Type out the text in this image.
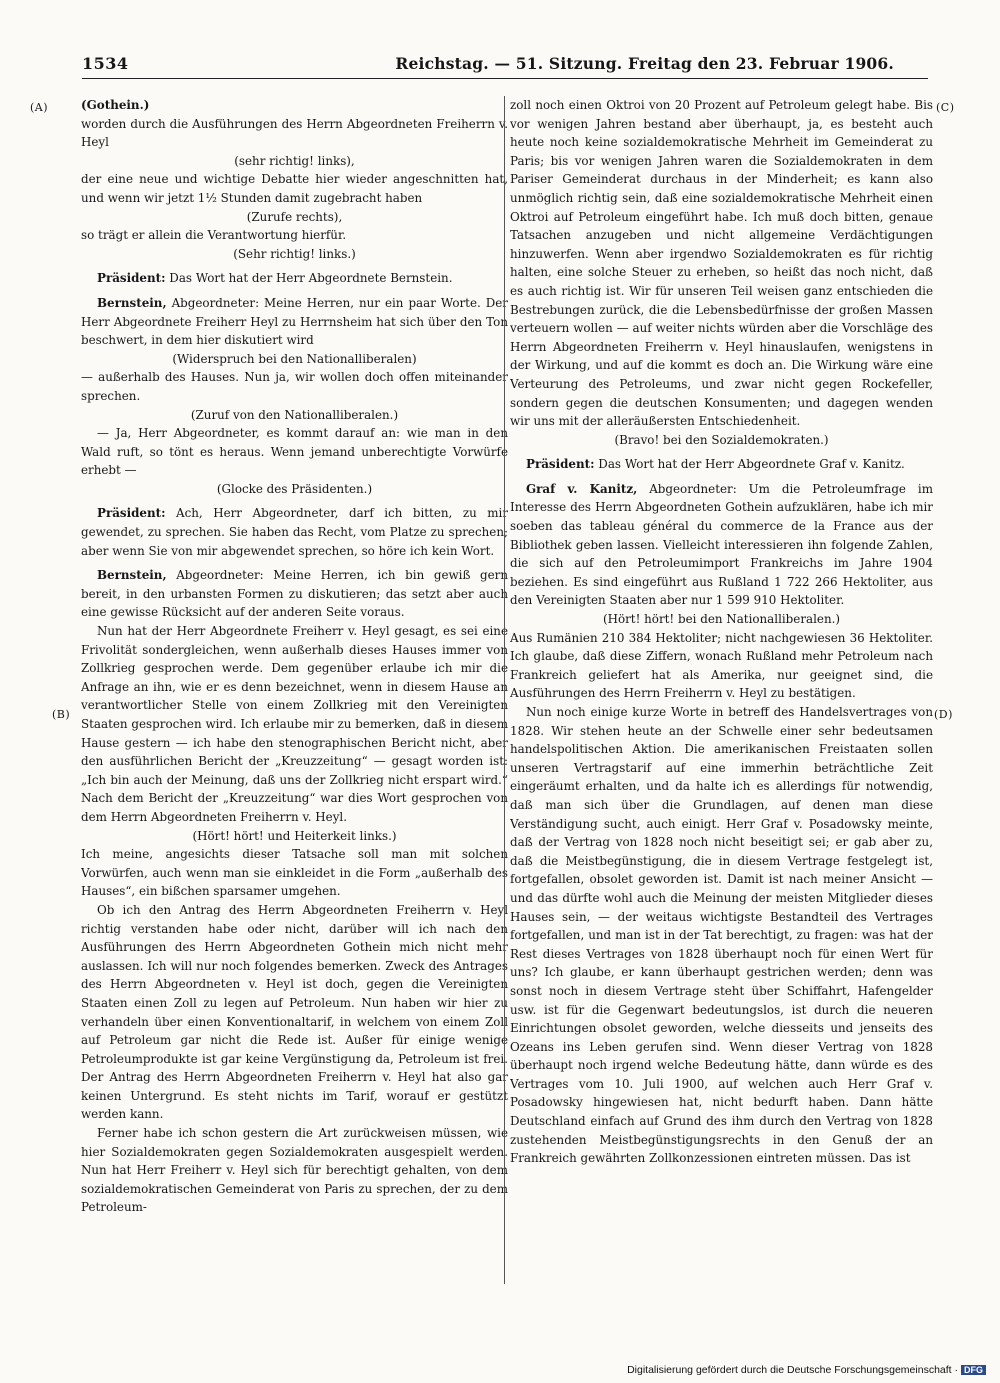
1534	Reichstag. — 51. Sitzung. Freitag den 23. Februar 1906.
(A)
(B)
(C)
(D)

(Gothein.)

worden durch die Ausführungen des Herrn Abgeordneten Freiherrn v. Heyl

(sehr richtig! links),

der eine neue und wichtige Debatte hier wieder angeschnitten hat, und wenn wir jetzt 1½ Stunden damit zugebracht haben

(Zurufe rechts),

so trägt er allein die Verantwortung hierfür.

(Sehr richtig! links.)

Präsident: Das Wort hat der Herr Abgeordnete Bernstein.

Bernstein, Abgeordneter: Meine Herren, nur ein paar Worte. Der Herr Abgeordnete Freiherr Heyl zu Herrnsheim hat sich über den Ton beschwert, in dem hier diskutiert wird

(Widerspruch bei den Nationalliberalen)

— außerhalb des Hauses. Nun ja, wir wollen doch offen miteinander sprechen.

(Zuruf von den Nationalliberalen.)

— Ja, Herr Abgeordneter, es kommt darauf an: wie man in den Wald ruft, so tönt es heraus. Wenn jemand unberechtigte Vorwürfe erhebt —

(Glocke des Präsidenten.)

Präsident: Ach, Herr Abgeordneter, darf ich bitten, zu mir gewendet, zu sprechen. Sie haben das Recht, vom Platze zu sprechen; aber wenn Sie von mir abgewendet sprechen, so höre ich kein Wort.

Bernstein, Abgeordneter: Meine Herren, ich bin gewiß gern bereit, in den urbansten Formen zu diskutieren; das setzt aber auch eine gewisse Rücksicht auf der anderen Seite voraus.

Nun hat der Herr Abgeordnete Freiherr v. Heyl gesagt, es sei eine Frivolität sondergleichen, wenn außerhalb dieses Hauses immer von Zollkrieg gesprochen werde. Dem gegenüber erlaube ich mir die Anfrage an ihn, wie er es denn bezeichnet, wenn in diesem Hause an verantwortlicher Stelle von einem Zollkrieg mit den Vereinigten Staaten gesprochen wird. Ich erlaube mir zu bemerken, daß in diesem Hause gestern — ich habe den stenographischen Bericht nicht, aber den ausführlichen Bericht der „Kreuzzeitung“ — gesagt worden ist: „Ich bin auch der Meinung, daß uns der Zollkrieg nicht erspart wird.“ Nach dem Bericht der „Kreuzzeitung“ war dies Wort gesprochen von dem Herrn Abgeordneten Freiherrn v. Heyl.

(Hört! hört! und Heiterkeit links.)

Ich meine, angesichts dieser Tatsache soll man mit solchen Vorwürfen, auch wenn man sie einkleidet in die Form „außerhalb des Hauses“, ein bißchen sparsamer umgehen.

Ob ich den Antrag des Herrn Abgeordneten Freiherrn v. Heyl richtig verstanden habe oder nicht, darüber will ich nach den Ausführungen des Herrn Abgeordneten Gothein mich nicht mehr auslassen. Ich will nur noch folgendes bemerken. Zweck des Antrages des Herrn Abgeordneten v. Heyl ist doch, gegen die Vereinigten Staaten einen Zoll zu legen auf Petroleum. Nun haben wir hier zu verhandeln über einen Konventionaltarif, in welchem von einem Zoll auf Petroleum gar nicht die Rede ist. Außer für einige wenige Petroleumprodukte ist gar keine Vergünstigung da, Petroleum ist frei. Der Antrag des Herrn Abgeordneten Freiherrn v. Heyl hat also gar keinen Untergrund. Es steht nichts im Tarif, worauf er gestützt werden kann.

Ferner habe ich schon gestern die Art zurückweisen müssen, wie hier Sozialdemokraten gegen Sozialdemokraten ausgespielt werden. Nun hat Herr Freiherr v. Heyl sich für berechtigt gehalten, von dem sozialdemokratischen Gemeinderat von Paris zu sprechen, der zu dem Petroleum-

zoll noch einen Oktroi von 20 Prozent auf Petroleum gelegt habe. Bis vor wenigen Jahren bestand aber überhaupt, ja, es besteht auch heute noch keine sozialdemokratische Mehrheit im Gemeinderat zu Paris; bis vor wenigen Jahren waren die Sozialdemokraten in dem Pariser Gemeinderat durchaus in der Minderheit; es kann also unmöglich richtig sein, daß eine sozialdemokratische Mehrheit einen Oktroi auf Petroleum eingeführt habe. Ich muß doch bitten, genaue Tatsachen anzugeben und nicht allgemeine Verdächtigungen hinzuwerfen. Wenn aber irgendwo Sozialdemokraten es für richtig halten, eine solche Steuer zu erheben, so heißt das noch nicht, daß es auch richtig ist. Wir für unseren Teil weisen ganz entschieden die Bestrebungen zurück, die die Lebensbedürfnisse der großen Massen verteuern wollen — auf weiter nichts würden aber die Vorschläge des Herrn Abgeordneten Freiherrn v. Heyl hinauslaufen, wenigstens in der Wirkung, und auf die kommt es doch an. Die Wirkung wäre eine Verteurung des Petroleums, und zwar nicht gegen Rockefeller, sondern gegen die deutschen Konsumenten; und dagegen wenden wir uns mit der alleräußersten Entschiedenheit.

(Bravo! bei den Sozialdemokraten.)

Präsident: Das Wort hat der Herr Abgeordnete Graf v. Kanitz.

Graf v. Kanitz, Abgeordneter: Um die Petroleumfrage im Interesse des Herrn Abgeordneten Gothein aufzuklären, habe ich mir soeben das tableau général du commerce de la France aus der Bibliothek geben lassen. Vielleicht interessieren ihn folgende Zahlen, die sich auf den Petroleumimport Frankreichs im Jahre 1904 beziehen. Es sind eingeführt aus Rußland 1 722 266 Hektoliter, aus den Vereinigten Staaten aber nur 1 599 910 Hektoliter.

(Hört! hört! bei den Nationalliberalen.)

Aus Rumänien 210 384 Hektoliter; nicht nachgewiesen 36 Hektoliter. Ich glaube, daß diese Ziffern, wonach Rußland mehr Petroleum nach Frankreich geliefert hat als Amerika, nur geeignet sind, die Ausführungen des Herrn Freiherrn v. Heyl zu bestätigen.

Nun noch einige kurze Worte in betreff des Handelsvertrages von 1828. Wir stehen heute an der Schwelle einer sehr bedeutsamen handelspolitischen Aktion. Die amerikanischen Freistaaten sollen unseren Vertragstarif auf eine immerhin beträchtliche Zeit eingeräumt erhalten, und da halte ich es allerdings für notwendig, daß man sich über die Grundlagen, auf denen man diese Verständigung sucht, auch einigt. Herr Graf v. Posadowsky meinte, daß der Vertrag von 1828 noch nicht beseitigt sei; er gab aber zu, daß die Meistbegünstigung, die in diesem Vertrage festgelegt ist, fortgefallen, obsolet geworden ist. Damit ist nach meiner Ansicht — und das dürfte wohl auch die Meinung der meisten Mitglieder dieses Hauses sein, — der weitaus wichtigste Bestandteil des Vertrages fortgefallen, und man ist in der Tat berechtigt, zu fragen: was hat der Rest dieses Vertrages von 1828 überhaupt noch für einen Wert für uns? Ich glaube, er kann überhaupt gestrichen werden; denn was sonst noch in diesem Vertrage steht über Schiffahrt, Hafengelder usw. ist für die Gegenwart bedeutungslos, ist durch die neueren Einrichtungen obsolet geworden, welche diesseits und jenseits des Ozeans ins Leben gerufen sind. Wenn dieser Vertrag von 1828 überhaupt noch irgend welche Bedeutung hätte, dann würde es des Vertrages vom 10. Juli 1900, auf welchen auch Herr Graf v. Posadowsky hingewiesen hat, nicht bedurft haben. Dann hätte Deutschland einfach auf Grund des ihm durch den Vertrag von 1828 zustehenden Meistbegünstigungsrechts in den Genuß der an Frankreich gewährten Zollkonzessionen eintreten müssen. Das ist

Digitalisierung gefördert durch die Deutsche Forschungsgemeinschaft · DFG
